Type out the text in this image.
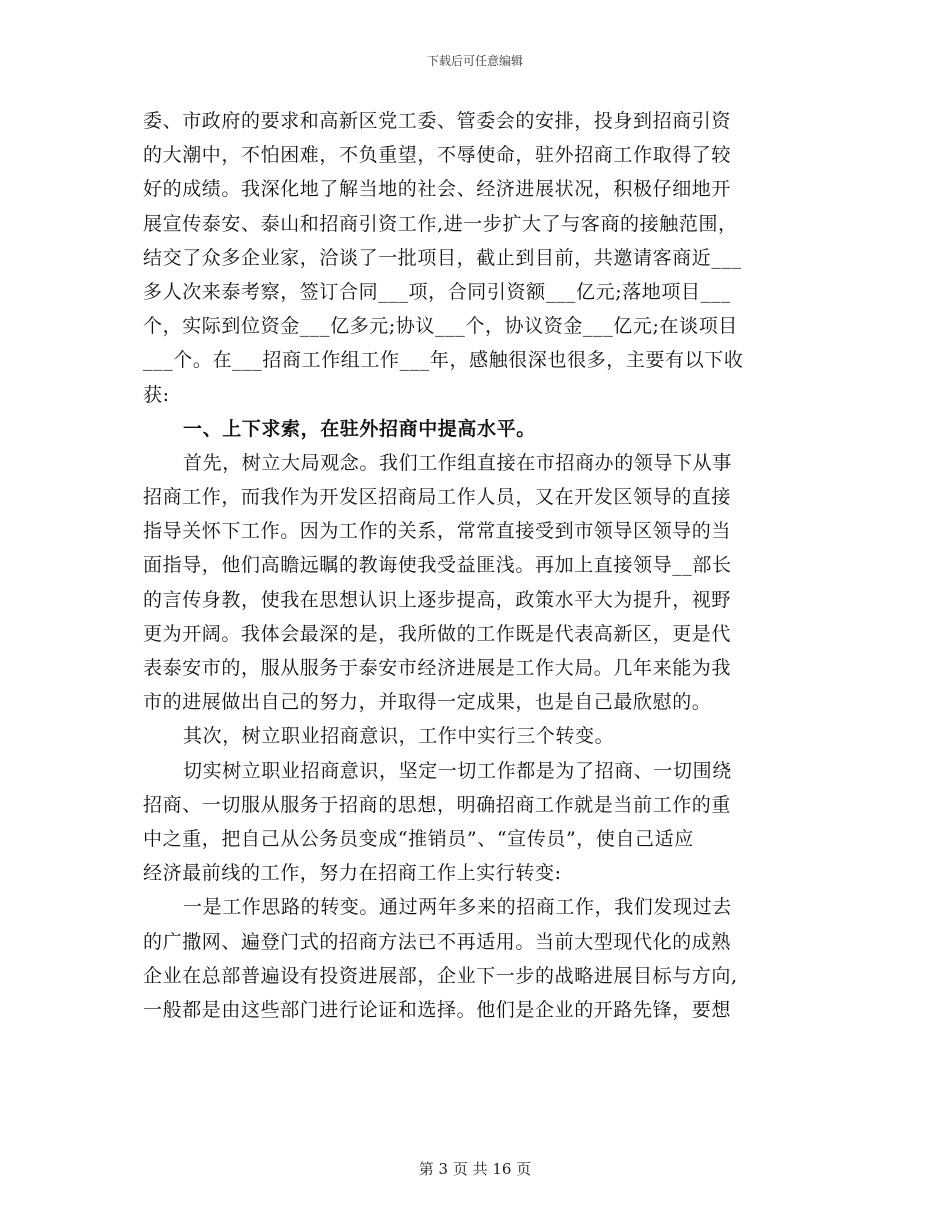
下载后可任意编辑
委、市政府的要求和高新区党工委、管委会的安排，投身到招商引资
的大潮中，不怕困难，不负重望，不辱使命，驻外招商工作取得了较
好的成绩。我深化地了解当地的社会、经济进展状况，积极仔细地开
展宣传泰安、泰山和招商引资工作,进一步扩大了与客商的接触范围，
结交了众多企业家，洽谈了一批项目，截止到目前，共邀请客商近___
多人次来泰考察，签订合同___项，合同引资额___亿元;落地项目___
个，实际到位资金___亿多元;协议___个，协议资金___亿元;在谈项目
___个。在___招商工作组工作___年，感触很深也很多，主要有以下收
获:
一、上下求索，在驻外招商中提高水平。
首先，树立大局观念。我们工作组直接在市招商办的领导下从事
招商工作，而我作为开发区招商局工作人员，又在开发区领导的直接
指导关怀下工作。因为工作的关系，常常直接受到市领导区领导的当
面指导，他们高瞻远瞩的教诲使我受益匪浅。再加上直接领导__部长
的言传身教，使我在思想认识上逐步提高，政策水平大为提升，视野
更为开阔。我体会最深的是，我所做的工作既是代表高新区，更是代
表泰安市的，服从服务于泰安市经济进展是工作大局。几年来能为我
市的进展做出自己的努力，并取得一定成果，也是自己最欣慰的。
其次，树立职业招商意识，工作中实行三个转变。
切实树立职业招商意识，坚定一切工作都是为了招商、一切围绕
招商、一切服从服务于招商的思想，明确招商工作就是当前工作的重
中之重，把自己从公务员变成“推销员”、“宣传员”，使自己适应
经济最前线的工作，努力在招商工作上实行转变:
一是工作思路的转变。通过两年多来的招商工作，我们发现过去
的广撒网、遍登门式的招商方法已不再适用。当前大型现代化的成熟
企业在总部普遍设有投资进展部，企业下一步的战略进展目标与方向,
一般都是由这些部门进行论证和选择。他们是企业的开路先锋，要想
第 3 页 共 16 页
